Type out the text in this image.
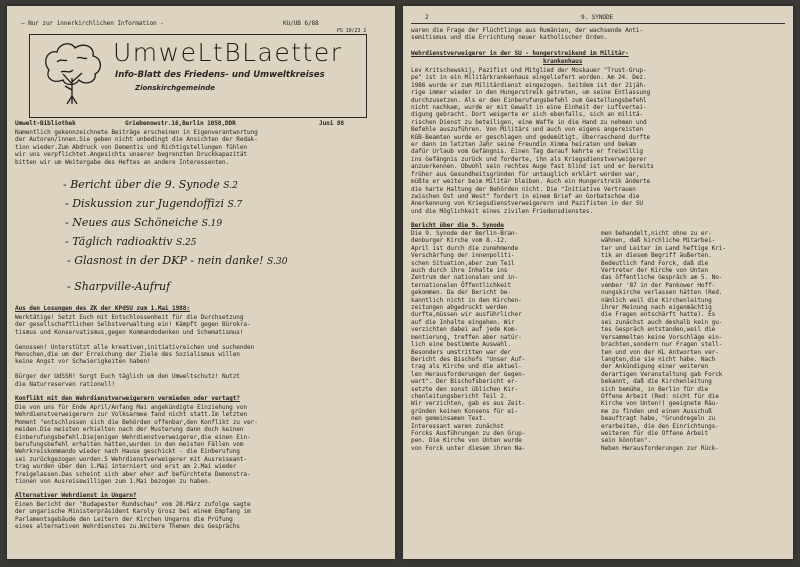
– Nur zur innerkirchlichen Information -	KU/UB 6/88
PS 10/23 2
UmweLtBLaetter
Info-Blatt des Friedens- und Umweltkreises
Zionskirchgemeinde
Umwelt-Bibliothek	Griebenowstr.16,Berlin 1058,DDR	Juni 88
Namentlich gekennzeichnete Beiträge erscheinen in Eigenverantwortung
der Autoren/innen.Sie geben nicht unbedingt die Ansichten der Redak-
tion wieder.Zum Abdruck von Dementis und Richtigstellungen fühlen
wir uns verpflichtet.Angesichts unserer begrenzten Druckkapazität
bitten wir um Weitergabe des Heftes an andere Interessenten.
- Bericht über die 9. Synode S.2
- Diskussion zur Jugendoffizi S.7
- Neues aus Schöneiche S.19
- Täglich radioaktiv S.25
- Glasnost in der DKP - nein danke! S.30
- Sharpville-Aufruf
Aus den Losungen des ZK der KPdSU zum 1.Mai 1988:
Werktätige! Setzt Euch mit Entschlossenheit für die Durchsetzung
der gesellschaftlichen Selbstverwaltung ein! Kämpft gegen Bürokra-
tismus und Konservatismus,gegen Kommandodenken und Schematismus!

Genossen! Unterstützt alle kreativen,initiativreichen und suchenden
Menschen,die um der Erreichung der Ziele des Sozialismus willen
keine Angst vor Schwierigkeiten haben!

Bürger der UdSSR! Sorgt Euch täglich um den Umweltschutz! Nutzt
die Naturreserven rationell!
Konflikt mit den Wehrdienstverweigerern vermieden oder vertagt?
Die von uns für Ende April/Anfang Mai angekündigte Einziehung von
Wehrdienstverweigerern zur Volksarmee fand nicht statt.Im letzten
Moment "entschlossen sich die Behörden offenbar,den Konflikt zu ver-
meiden.Die meisten erhielten nach der Musterung dann doch keinen
Einberufungsbefehl.Diejenigen Wehrdienstverweigerer,die einen Ein-
berufungsbefehl erhalten hatten,wurden in den meisten Fällen vom
Wehrkreiskommando wieder nach Hause geschickt - die Einberufung
sei zurückgezogen worden.5 Wehrdienstverweigerer mit Ausreiseant-
trag wurden über den 1.Mai interniert und erst am 2.Mai wieder
freigelassen.Das scheint sich aber eher auf befürchtete Demonstra-
tionen von Ausreisewilligen zum 1.Mai bezogen zu haben.
Alternativer Wehrdienst in Ungarn?
Einen Bericht der "Budapester Rundschau" vom 28.März zufolge sagte
der ungarische Ministerpräsident Karoly Grosz bei einem Empfang im
Parlamentsgebäude den Leitern der Kirchen Ungarns die Prüfung
eines alternativen Wehrdienstes zu.Weitere Themen des Gesprächs
2	9. SYNODE
waren die Frage der Flüchtlinge aus Rumänien, der wachsende Anti-
semitismus und die Errichtung neuer katholischer Orden.
Wehrdienstverweigerer in der SU - hungerstreikend im Militär-
krankenhaus
Lev Kritschewskij, Pazifist und Mitglied der Moskauer "Trust-Grup-
pe" ist in ein Militärkrankenhaus eingeliefert worden. Am 24. Dez.
1986 wurde er zum Militärdienst eingezogen. Seitdem ist der 21jäh-
rige immer wieder in den Hungerstreik getreten, um seine Entlassung
durchzusetzen. Als er den Einberufungsbefehl zum Gestellungsbefehl
nicht nachkam, wurde er mit Gewalt in eine Einheit der Luftvertei-
digung gebracht. Dort weigerte er sich ebenfalls, sich an militä-
rischen Dienst zu beteiligen, eine Waffe in die Hand zu nehmen und
Befehle auszuführen. Von Militärs und auch von eigens angereisten
KGB-Beamten wurde er geschlagen und gedemütigt. Überraschend durfte
er dann im letzten Jahr seine Freundin Ximma heiraten und bekam
dafür Urlaub vom Gefängnis. Einen Tag darauf kehrte er freiwillig
ins Gefängnis zurück und forderte, ihn als Kriegsdienstverweigerer
anzuerkennen. Obwohl sein rechtes Auge fast blind ist und er bereits
früher aus Gesundheitsgründen für untauglich erklärt worden war,
müßte er weiter beim Militär bleiben. Auch ein Hungerstreik änderte
die harte Haltung der Behörden nicht. Die "Initiative Vertrauen
zwischen Ost und West" fordert in einem Brief an Gorbatschow die
Anerkennung von Kriegsdienstverweigerern und Pazifisten in der SU
und die Möglichkeit eines zivilen Friedensdienstes.
Bericht über die 9. Synode
Die 9. Synode der Berlin-Bran-
denburger Kirche vom 8.-12.
April ist durch die zunehmende
Verschärfung der innenpoliti-
schen Situation,aber zum Teil
auch durch ihre Inhalte ins
Zentrum der nationalen und in-
ternationalen Öffentlichkeit
gekommen. Da der Bericht be-
kanntlich nicht in den Kirchen-
zeitungen abgedruckt werden
durfte,müssen wir ausführlicher
auf die Inhalte eingehen. Wir
verzichten dabei auf jede Kom-
mentierung, treffen aber natür-
lich eine bestimmte Auswahl.
Besonders umstritten war der
Bericht des Bischofs "Unser Auf-
trag als Kirche und die aktuel-
len Herausforderungen der Gegen-
wart". Der Bischofsbericht er-
setzte den sonst üblichen Kir-
chenleitungsbericht Teil 2.
Wir verzichten, gab es aus Zeit-
gründen keinen Konsens für ei-
nen gemeinsamen Text.
Interessant waren zunächst
Forcks Ausführungen zu den Grup-
pen. Die Kirche von Unten wurde
von Forck unter diesem ihren Na-
men behandelt,nicht ohne zu er-
wähnen, daß kirchliche Mitarbei-
ter und Leiter im Land heftige Kri-
tik an diesem Begriff äußerten.
Bedeutlich fand Forck, daß die
Vertreter der Kirche von Unten
das öffentliche Gespräch am 5. No-
vember '87 in der Pankower Hoff-
nungskirche verlassen hätten (Red.
nämlich weil die Kirchenleitung
ihrer Meinung nach eigenmächtig
die Fragen entschärft hatte). Es
sei zunächst auch deshalb kein gu-
tes Gespräch entstanden,weil die
Versammelten keine Vorschläge ein-
brachten,sondern nur Fragen stell-
ten und von der KL Antworten ver-
langten,die sie nicht habe. Nach
der Ankündigung einer weiteren
derartigen Veranstaltung gab Forck
bekannt, daß die Kirchenleitung
sich bemühe, in Berlin für die
Offene Arbeit (Red: nicht für die
Kirche von Unten!) geeignete Räu-
me zu finden und einen Ausschuß
beauftragt habe, "Grundregeln zu
erarbeiten, die den Einrichtungs-
weiteren für die Offene Arbeit
sein könnten".
Neben Herausforderungen zur Rück-
